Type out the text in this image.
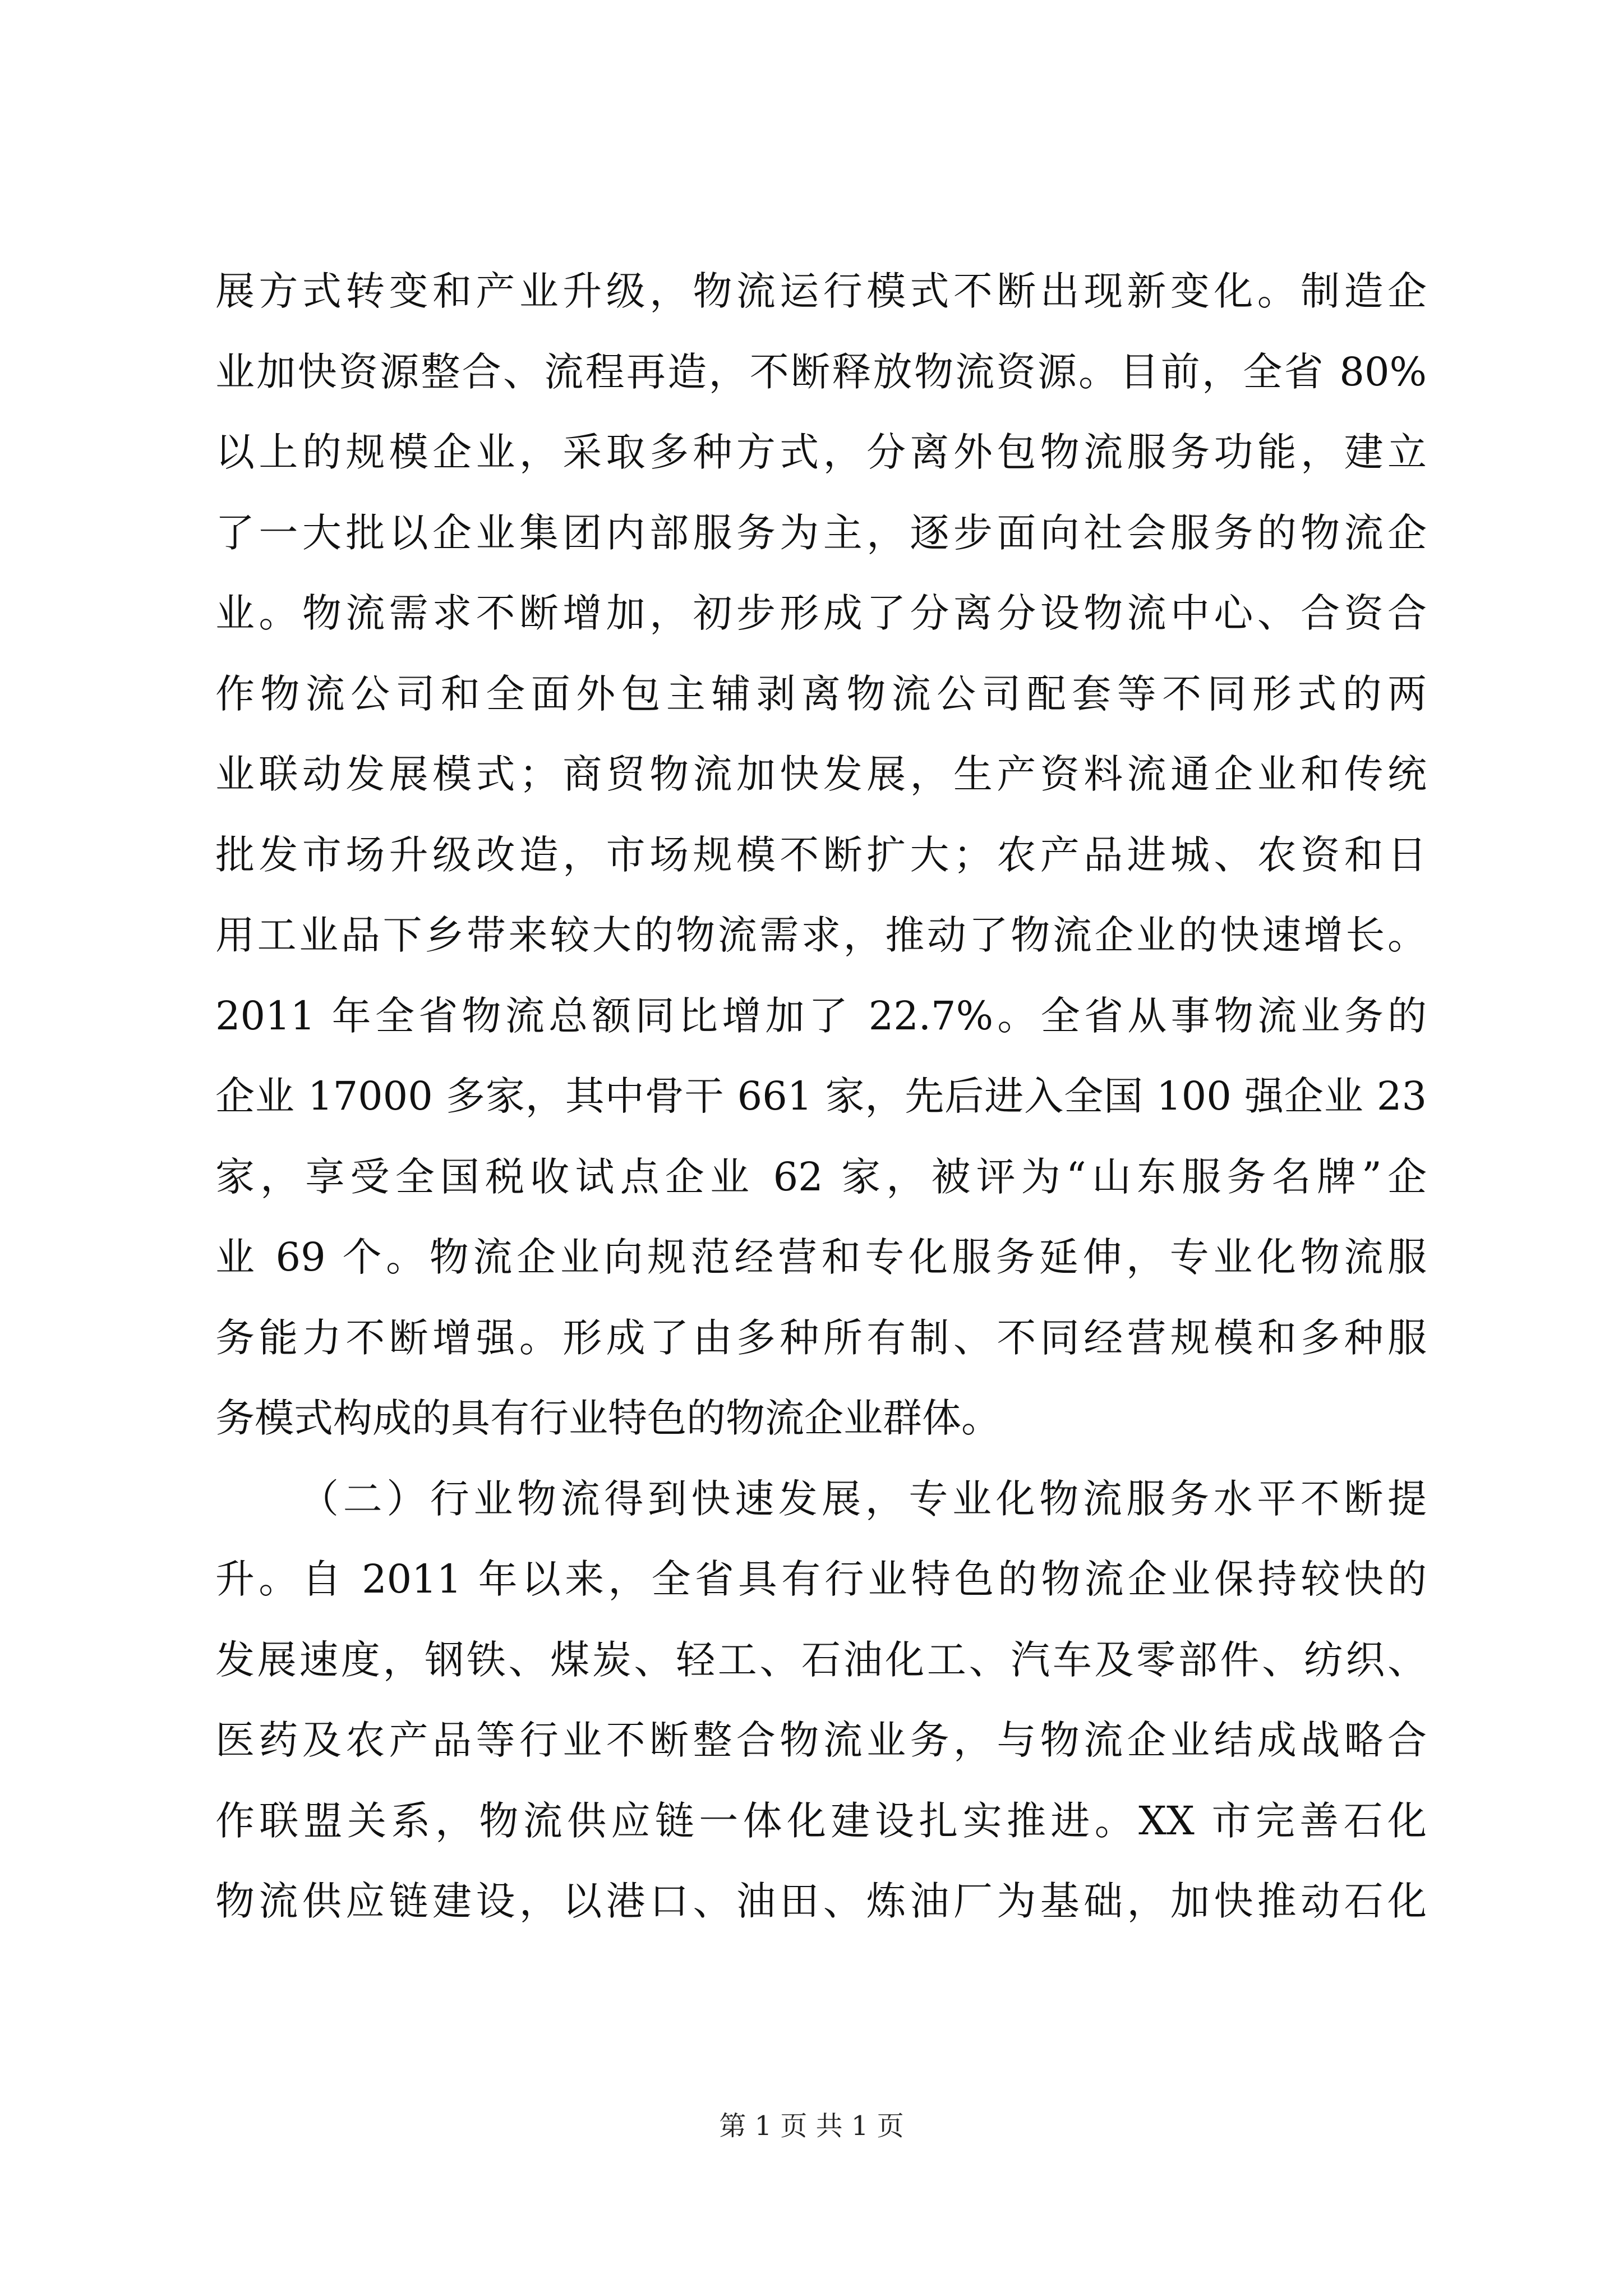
展方式转变和产业升级，物流运行模式不断出现新变化。制造企
业加快资源整合、流程再造，不断释放物流资源。目前，全省 80%
以上的规模企业，采取多种方式，分离外包物流服务功能，建立
了一大批以企业集团内部服务为主，逐步面向社会服务的物流企
业。物流需求不断增加，初步形成了分离分设物流中心、合资合
作物流公司和全面外包主辅剥离物流公司配套等不同形式的两
业联动发展模式；商贸物流加快发展，生产资料流通企业和传统
批发市场升级改造，市场规模不断扩大；农产品进城、农资和日
用工业品下乡带来较大的物流需求，推动了物流企业的快速增长。
2011 年全省物流总额同比增加了 22.7%。全省从事物流业务的
企业 17000 多家，其中骨干 661 家，先后进入全国 100 强企业 23
家，享受全国税收试点企业 62 家，被评为“山东服务名牌”企
业 69 个。物流企业向规范经营和专化服务延伸，专业化物流服
务能力不断增强。形成了由多种所有制、不同经营规模和多种服
务模式构成的具有行业特色的物流企业群体。
（二）行业物流得到快速发展，专业化物流服务水平不断提
升。自 2011 年以来，全省具有行业特色的物流企业保持较快的
发展速度，钢铁、煤炭、轻工、石油化工、汽车及零部件、纺织、
医药及农产品等行业不断整合物流业务，与物流企业结成战略合
作联盟关系，物流供应链一体化建设扎实推进。XX 市完善石化
物流供应链建设，以港口、油田、炼油厂为基础，加快推动石化
第 1 页 共 1 页
